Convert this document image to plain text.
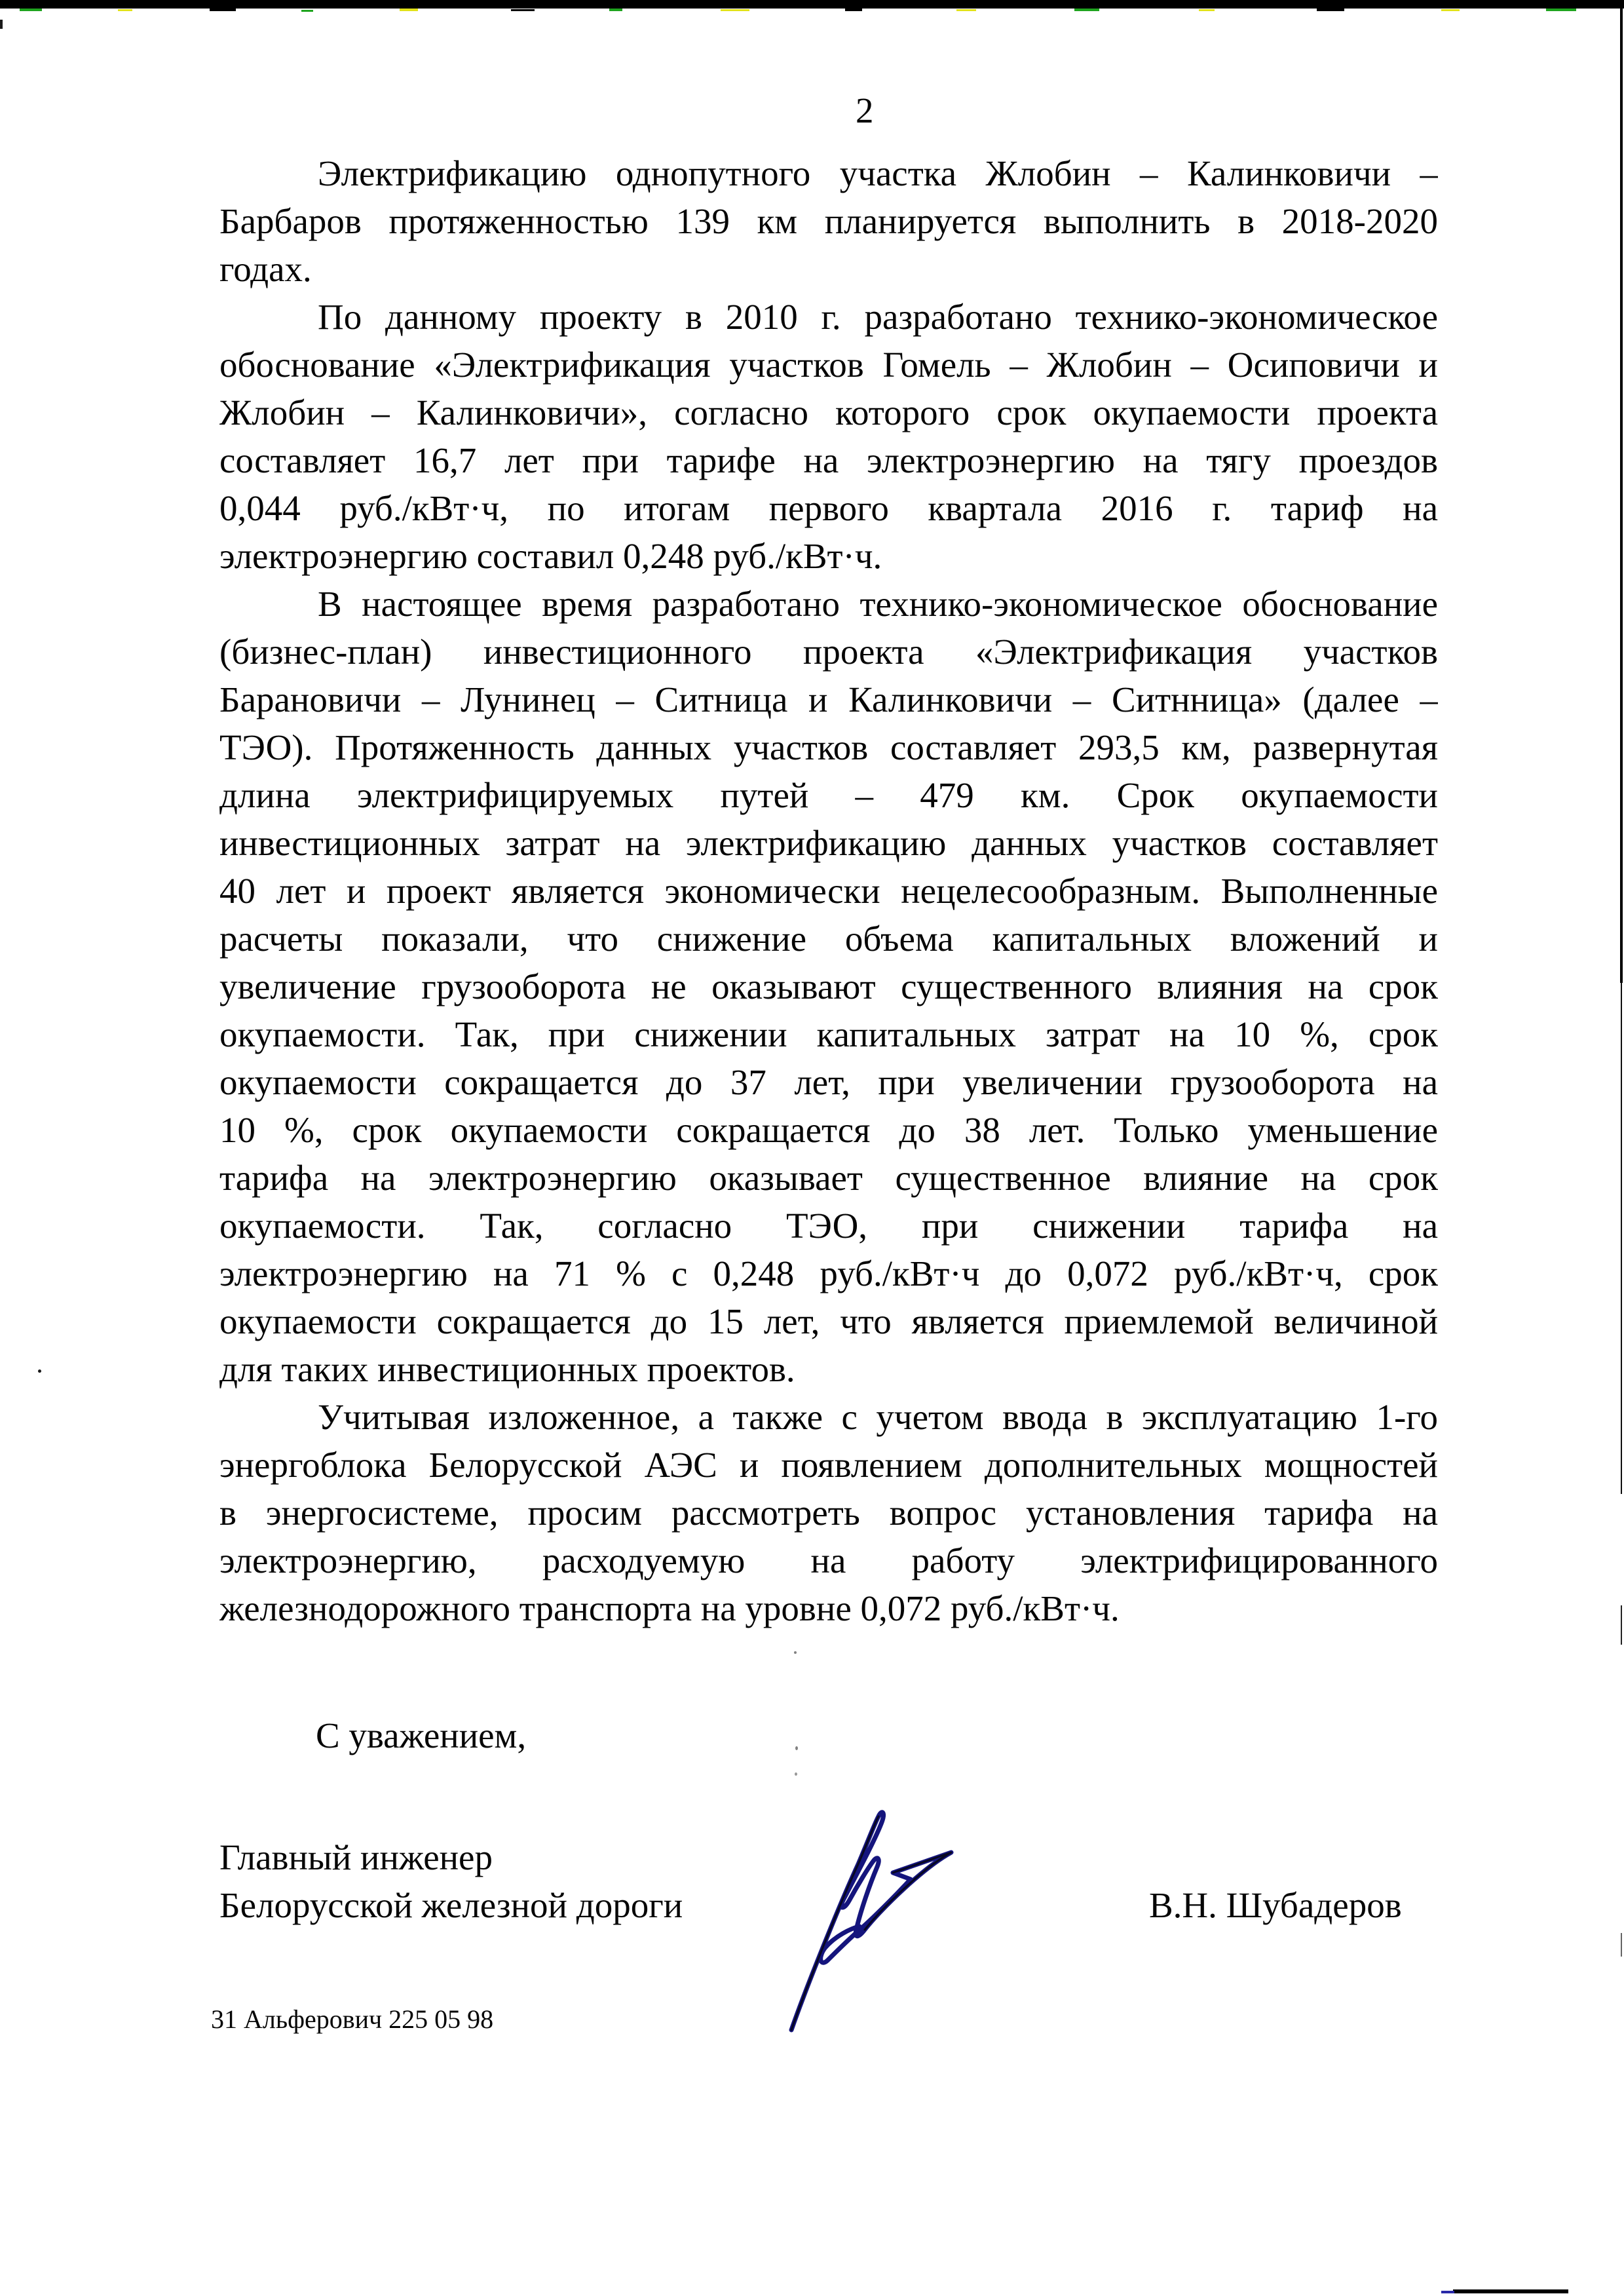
2
Электрификацию однопутного участка Жлобин – Калинковичи –
Барбаров протяженностью 139 км планируется выполнить в 2018-2020
годах.
По данному проекту в 2010 г. разработано технико-экономическое
обоснование «Электрификация участков Гомель – Жлобин – Осиповичи и
Жлобин – Калинковичи», согласно которого срок окупаемости проекта
составляет 16,7 лет при тарифе на электроэнергию на тягу проездов
0,044 руб./кВт·ч, по итогам первого квартала 2016 г. тариф на
электроэнергию составил 0,248 руб./кВт·ч.
В настоящее время разработано технико-экономическое обоснование
(бизнес-план) инвестиционного проекта «Электрификация участков
Барановичи – Лунинец – Ситница и Калинковичи – Ситнница» (далее –
ТЭО). Протяженность данных участков составляет 293,5 км, развернутая
длина электрифицируемых путей – 479 км. Срок окупаемости
инвестиционных затрат на электрификацию данных участков составляет
40 лет и проект является экономически нецелесообразным. Выполненные
расчеты показали, что снижение объема капитальных вложений и
увеличение грузооборота не оказывают существенного влияния на срок
окупаемости. Так, при снижении капитальных затрат на 10 %, срок
окупаемости сокращается до 37 лет, при увеличении грузооборота на
10 %, срок окупаемости сокращается до 38 лет. Только уменьшение
тарифа на электроэнергию оказывает существенное влияние на срок
окупаемости. Так, согласно ТЭО, при снижении тарифа на
электроэнергию на 71 % с 0,248 руб./кВт·ч до 0,072 руб./кВт·ч, срок
окупаемости сокращается до 15 лет, что является приемлемой величиной
для таких инвестиционных проектов.
Учитывая изложенное, а также с учетом ввода в эксплуатацию 1-го
энергоблока Белорусской АЭС и появлением дополнительных мощностей
в энергосистеме, просим рассмотреть вопрос установления тарифа на
электроэнергию, расходуемую на работу электрифицированного
железнодорожного транспорта на уровне 0,072 руб./кВт·ч.
С уважением,
Главный инженер
Белорусской железной дороги	В.Н. Шубадеров
31 Альферович 225 05 98
